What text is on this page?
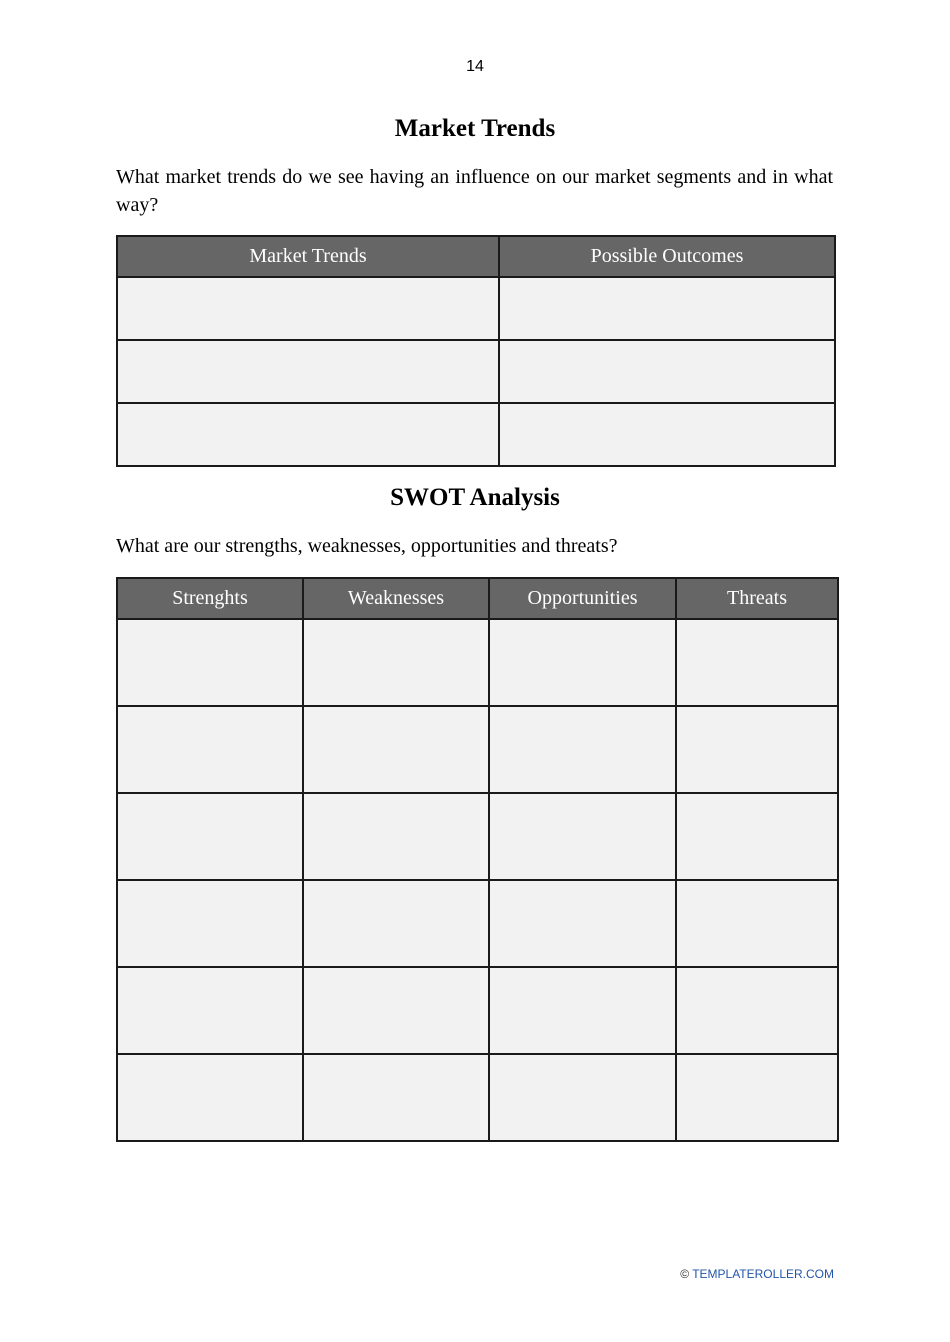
14
Market Trends
What market trends do we see having an influence on our market segments and in what way?
Market Trends	Possible Outcomes

SWOT Analysis
What are our strengths, weaknesses, opportunities and threats?
Strenghts	Weaknesses	Opportunities	Threats

© TEMPLATEROLLER.COM
